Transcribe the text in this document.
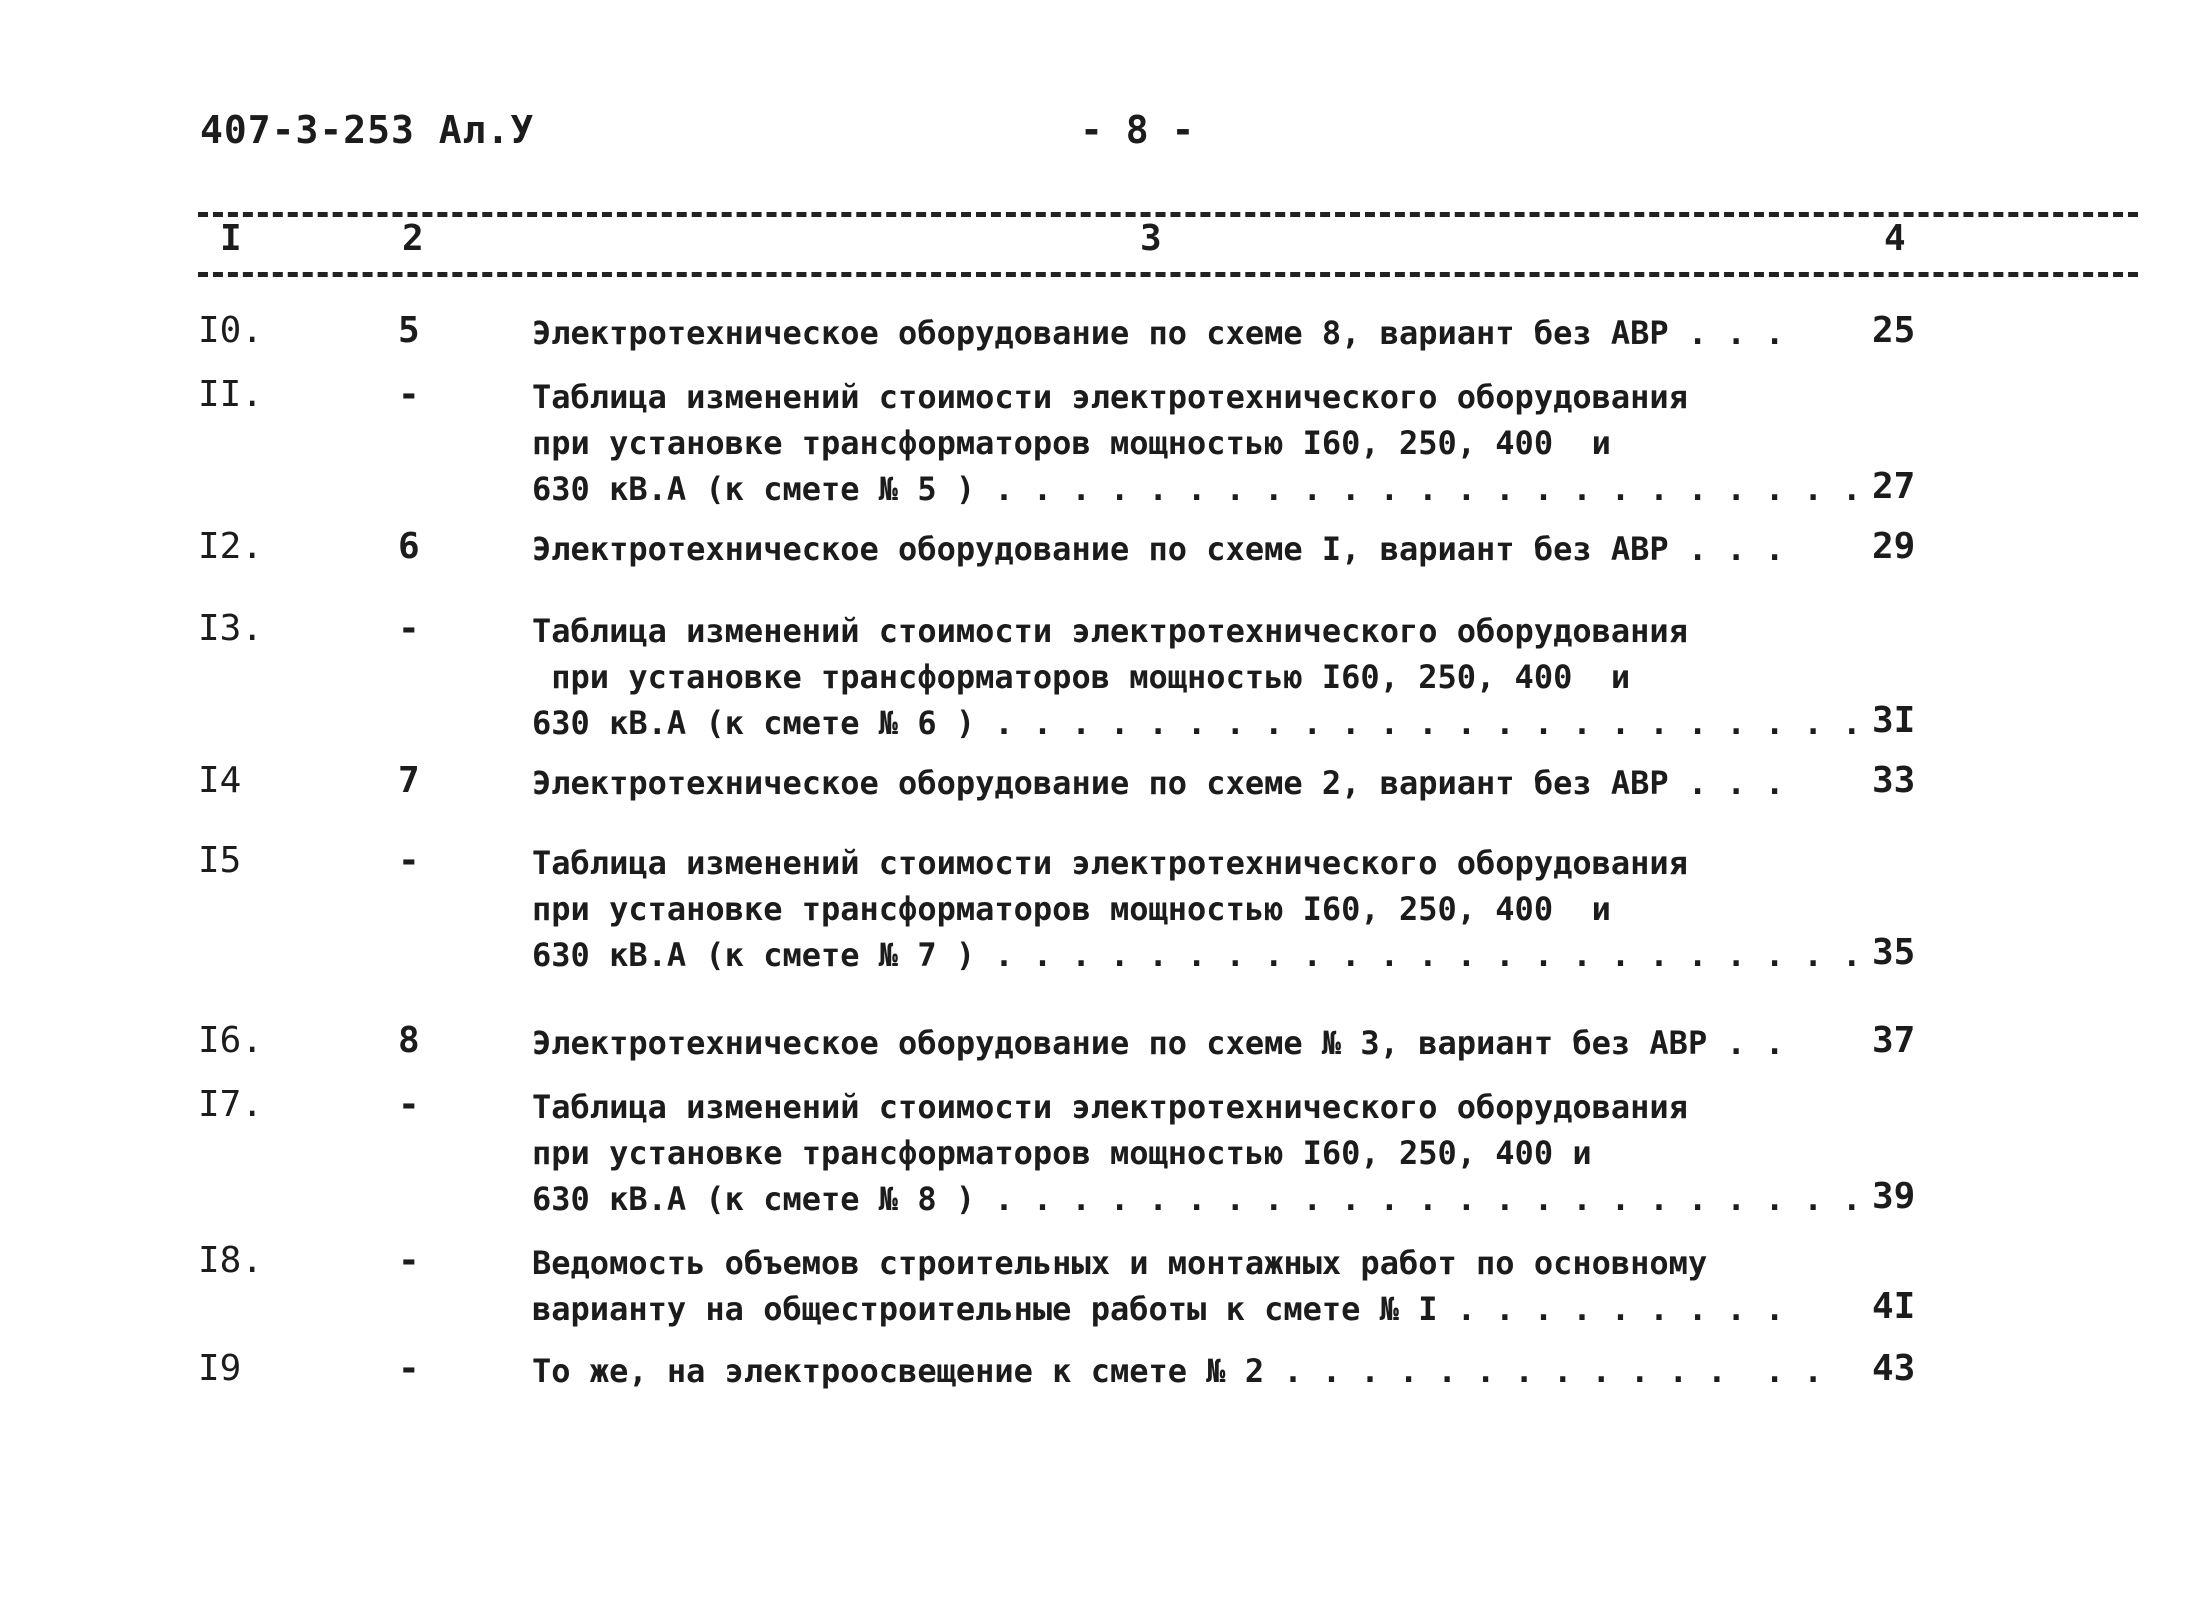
407-3-253 Ал.У	- 8 -
I	2	3	4
I0.	5	Электротехническое оборудование по схеме 8, вариант без АВР . . .	25
II.	-	Таблица изменений стоимости электротехнического оборудования
при установке трансформаторов мощностью I60, 250, 400  и
630 кВ.А (к смете № 5 ) . . . . . . . . . . . . . . . . . . . . . . . 27
I2.	6	Электротехническое оборудование по схеме I, вариант без АВР . . .	29
I3.	-	Таблица изменений стоимости электротехнического оборудования
при установке трансформаторов мощностью I60, 250, 400  и
630 кВ.А (к смете № 6 ) . . . . . . . . . . . . . . . . . . . . . . . 3I
I4	7	Электротехническое оборудование по схеме 2, вариант без АВР . . .	33
I5	-	Таблица изменений стоимости электротехнического оборудования
при установке трансформаторов мощностью I60, 250, 400  и
630 кВ.А (к смете № 7 ) . . . . . . . . . . . . . . . . . . . . . . . 35
I6.	8	Электротехническое оборудование по схеме № 3, вариант без АВР . .	37
I7.	-	Таблица изменений стоимости электротехнического оборудования
при установке трансформаторов мощностью I60, 250, 400 и
630 кВ.А (к смете № 8 ) . . . . . . . . . . . . . . . . . . . . . . . 39
I8.	-	Ведомость объемов строительных и монтажных работ по основному
варианту на общестроительные работы к смете № I . . . . . . . . .	4I
I9	-	То же, на электроосвещение к смете № 2 . . . . . . . . . . . .  . . 43
